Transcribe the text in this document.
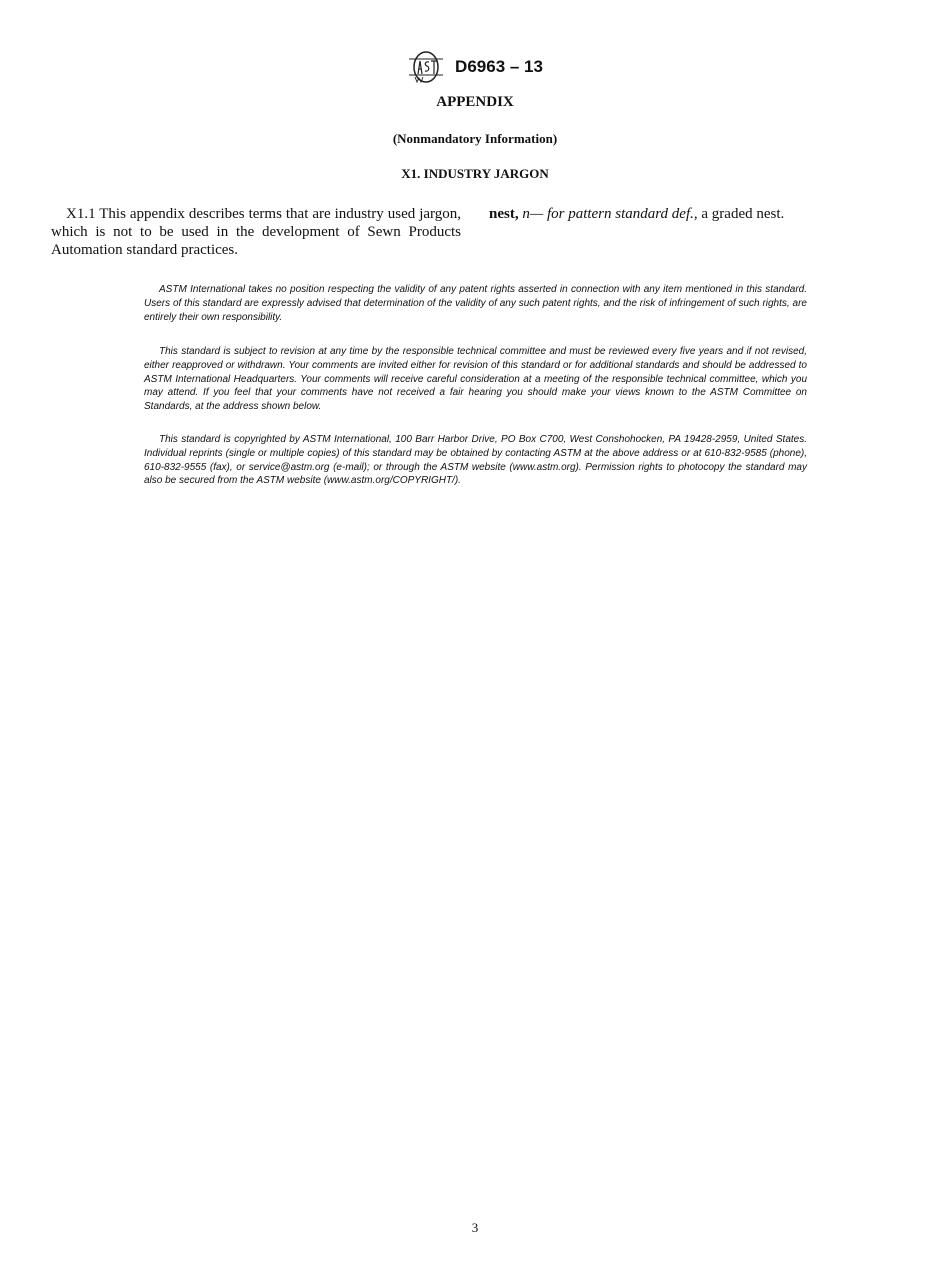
D6963 – 13
APPENDIX
(Nonmandatory Information)
X1. INDUSTRY JARGON
X1.1 This appendix describes terms that are industry used jargon, which is not to be used in the development of Sewn Products Automation standard practices.
nest, n— for pattern standard def., a graded nest.
ASTM International takes no position respecting the validity of any patent rights asserted in connection with any item mentioned in this standard. Users of this standard are expressly advised that determination of the validity of any such patent rights, and the risk of infringement of such rights, are entirely their own responsibility.
This standard is subject to revision at any time by the responsible technical committee and must be reviewed every five years and if not revised, either reapproved or withdrawn. Your comments are invited either for revision of this standard or for additional standards and should be addressed to ASTM International Headquarters. Your comments will receive careful consideration at a meeting of the responsible technical committee, which you may attend. If you feel that your comments have not received a fair hearing you should make your views known to the ASTM Committee on Standards, at the address shown below.
This standard is copyrighted by ASTM International, 100 Barr Harbor Drive, PO Box C700, West Conshohocken, PA 19428-2959, United States. Individual reprints (single or multiple copies) of this standard may be obtained by contacting ASTM at the above address or at 610-832-9585 (phone), 610-832-9555 (fax), or service@astm.org (e-mail); or through the ASTM website (www.astm.org). Permission rights to photocopy the standard may also be secured from the ASTM website (www.astm.org/COPYRIGHT/).
3
